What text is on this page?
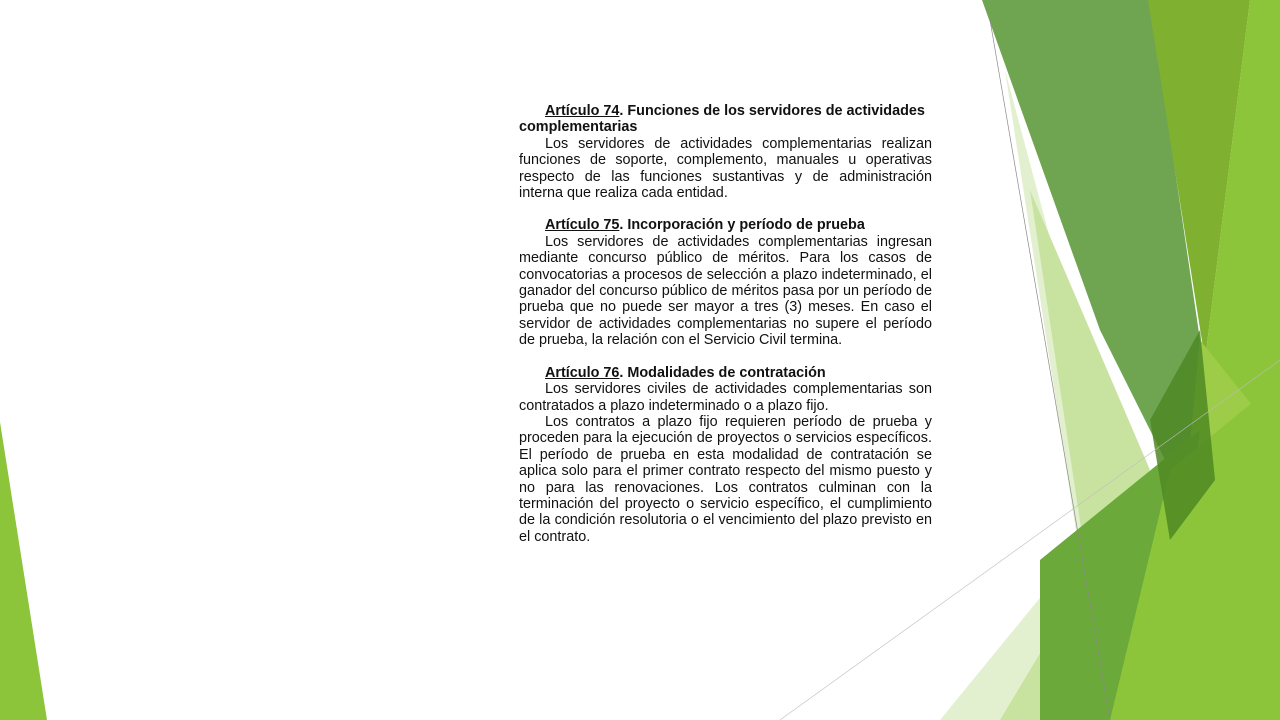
Artículo 74. Funciones de los servidores de actividades complementarias

Los servidores de actividades complementarias realizan funciones de soporte, complemento, manuales u operativas respecto de las funciones sustantivas y de administración interna que realiza cada entidad.

Artículo 75. Incorporación y período de prueba

Los servidores de actividades complementarias ingresan mediante concurso público de méritos. Para los casos de convocatorias a procesos de selección a plazo indeterminado, el ganador del concurso público de méritos pasa por un período de prueba que no puede ser mayor a tres (3) meses. En caso el servidor de actividades complementarias no supere el período de prueba, la relación con el Servicio Civil termina.

Artículo 76. Modalidades de contratación

Los servidores civiles de actividades complementarias son contratados a plazo indeterminado o a plazo fijo.

Los contratos a plazo fijo requieren período de prueba y proceden para la ejecución de proyectos o servicios específicos. El período de prueba en esta modalidad de contratación se aplica solo para el primer contrato respecto del mismo puesto y no para las renovaciones. Los contratos culminan con la terminación del proyecto o servicio específico, el cumplimiento de la condición resolutoria o el vencimiento del plazo previsto en el contrato.
